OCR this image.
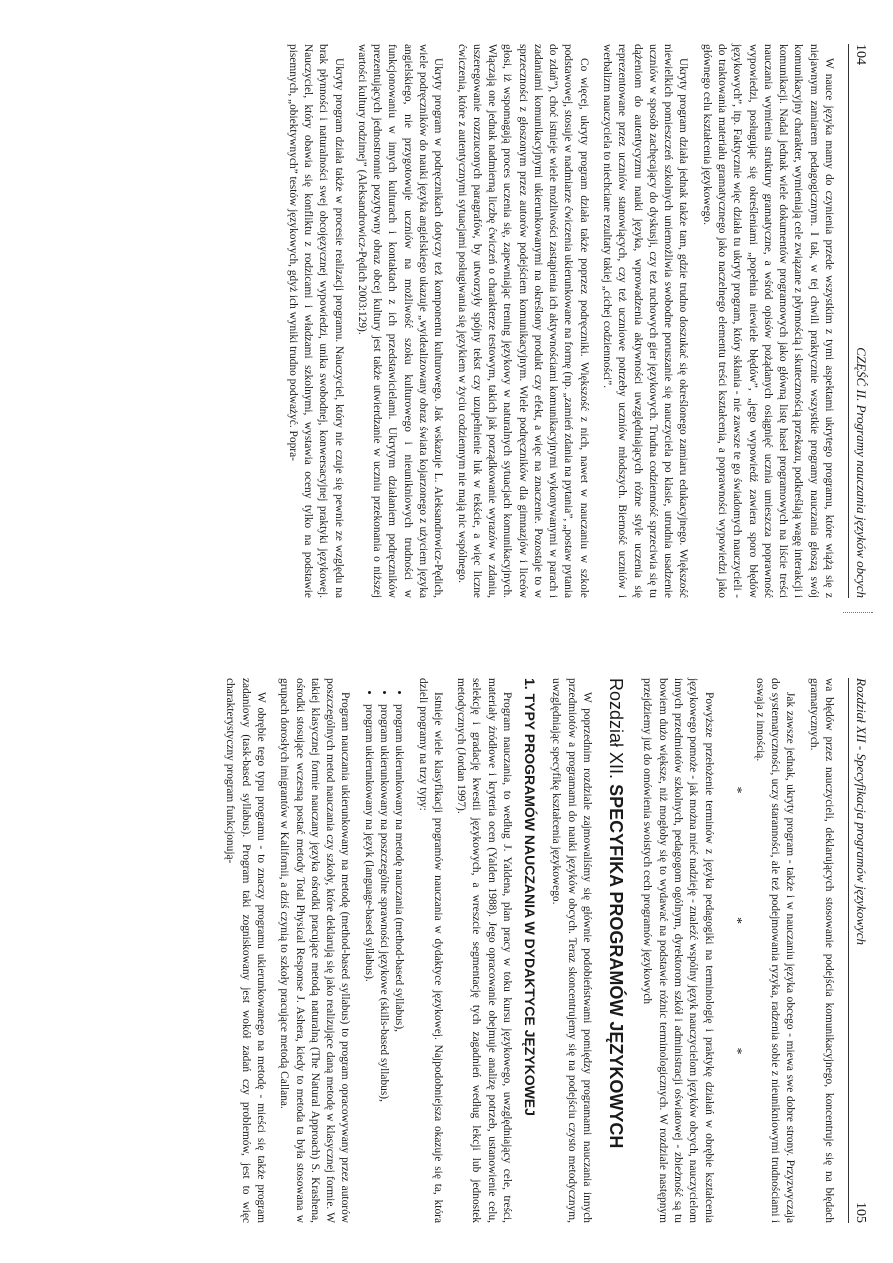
104
CZĘŚĆ II. Programy nauczania języków obcych

W nauce języka mamy do czynienia przede wszystkim z tymi aspektami ukrytego programu, które wiążą się z niejawnym zamiarem pedagogicznym. I tak, w tej chwili praktycznie wszystkie programy nauczania głoszą swój komunikacyjny charakter, wymieniają cele związane z płynnością i skutecznością przekazu, podkreślają wagę interakcji i komunikacji. Nadal jednak wiele dokumentów programowych jako główną listę haseł programowych na liście treści nauczania wymienia struktury gramatyczne, a wśród opisów pożądanych osiągnięć ucznia umieszcza poprawność wypowiedzi, posługując się określeniami „popełnia niewiele błędów”, „jego wypowiedź zawiera sporo błędów językowych”, itp. Faktycznie więc działa tu ukryty program, który skłania - nie zawsze te go świadomych nauczycieli - do traktowania materiału gramatycznego jako naczelnego elementu treści kształcenia, a poprawności wypowiedzi jako głównego celu kształcenia językowego.

Ukryty program działa jednak także tam, gdzie trudno doszukać się określonego zamiaru edukacyjnego. Większość niewielkich pomieszczeń szkolnych uniemożliwia swobodne poruszanie się nauczyciela po klasie, utrudnia usadzenie uczniów w sposób zachęcający do dyskusji, czy też ruchowych gier językowych. Trudna codzienność sprzeciwia się tu dążeniom do autentycyzmu nauki języka, wprowadzenia aktywności uwzględniających różne style uczenia się reprezentowane przez uczniów stanowiących, czy też uczniowe potrzeby uczniów młodszych. Bierność uczniów i werbalizm nauczyciela to niechciane rezultaty takiej „cichej codzienności”.

Co więcej, ukryty program działa także poprzez podręczniki. Większość z nich, nawet w nauczaniu w szkole podstawowej, stosuje w nadmiarze ćwiczenia ukierunkowane na formę (np. „zamień zdania na pytania”, „postaw pytania do zdań”), choć istnieje wiele możliwości zastąpienia ich aktywnościami komunikacyjnymi wykonywanymi w parach i zadaniami komunikacyjnymi ukierunkowanymi na określony produkt czy efekt, a więc na znaczenie. Pozostaje to w sprzeczności z głoszonym przez autorów podejściem komunikacyjnym. Wiele podręczników dla gimnazjów i liceów głosi, iż wspomagają proces uczenia się, zapewniając trening językowy w naturalnych sytuacjach komunikacyjnych. Włączają one jednak nadmierną liczbę ćwiczeń o charakterze testowym, takich jak porządkowanie wyrazów w zdaniu, uszeregowanie rozrzuconych paragrafów, by utworzyły spójny tekst czy uzupełnienie luk w tekście, a więc liczne ćwiczenia, które z autentycznymi sytuacjami posługiwania się językiem w życiu codziennym nie mają nic wspólnego.

Ukryty program w podręcznikach dotyczy też komponentu kulturowego. Jak wskazuje L. Aleksandrowicz-Pędich, wiele podręczników do nauki języka angielskiego ukazuje „wyidealizowany obraz świata kojarzonego z użyciem języka angielskiego, nie przygotowuje uczniów na możliwość szoku kulturowego i nieunikniowych trudności w funkcjonowaniu w innych kulturach i kontaktach z ich przedstawicielami. Ukrytym działaniem podręczników prezentujących jednostronnie pozytywny obraz obcej kultury jest także utwierdzanie w uczniu przekonania o niższej wartości kultury rodzimej” (Aleksandrowicz-Pędich 2003:129).

Ukryty program działa także w procesie realizacji programu. Nauczyciel, który nie czuje się pewnie ze względu na brak płynności i naturalności swej obcojęzycznej wypowiedzi, unika swobodnej, konwersacyjnej praktyki językowej. Nauczyciel, który obawia się konfliktu z rodzicami i władzami szkolnymi, wystawia oceny tylko na podstawie pisemnych, „obiektywnych” testów językowych, gdyż ich wyniki trudno podważyć. Popra-

Rozdział XII - Specyfikacja programów językowych
105

wa błędów przez nauczycieli, deklarujących stosowanie podejścia komunikacyjnego, koncentruje się na błędach gramatycznych.

Jak zawsze jednak, ukryty program - także i w nauczaniu języka obcego - miewa swe dobre strony. Przyzwyczaja do systematyczności, uczy staranności, ale też podejmowania ryzyka, radzenia sobie z nieunikniowymi trudnościami i oswaja z innością.

* * *

Powyższe przełożenie terminów z języka pedagogiki na terminologię i praktykę działań w obrębie kształcenia językowego pomoże - jak można mieć nadzieję - znaleźć wspólny język nauczycielom języków obcych, nauczycielom innych przedmiotów szkolnych, pedagogom ogólnym, dyrektorom szkół i administracji oświatowej - zbieżność są tu bowiem dużo większe, niż mogłoby się to wydawać na podstawie różnic terminologicznych. W rozdziale następnym przejdziemy już do omówienia swoistych cech programów językowych

Rozdział XII. SPECYFIKA PROGRAMÓW JĘZYKOWYCH

W poprzednim rozdziale zajmowaliśmy się głównie podobieństwami pomiędzy programami nauczania innych przedmiotów a programami do nauki języków obcych. Teraz skoncentrujemy się na podejściu czysto metodycznym, uwzględniając specyfikę kształcenia językowego.

1. TYPY PROGRAMÓW NAUCZANIA W DYDAKTYCE JĘZYKOWEJ

Program nauczania, to według J. Yaldena, plan pracy w toku kursu językowego, uwzględniający cele, treści, materiały źródłowe i kryteria ocen (Yalden 1988). Jego opracowanie obejmuje analizę potrzeb, ustanowienie celu, selekcję i gradację kwestii językowych, a wreszcie segmentację tych zagadnień według lekcji lub jednostek metodycznych (Jordan 1997).

Istnieje wiele klasyfikacji programów nauczania w dydaktyce językowej. Najpodobniejsza okazuje się ta, która dzieli programy na trzy typy:

• program ukierunkowany na metodę nauczania (method-based syllabus),
• program ukierunkowany na poszczególne sprawności językowe (skills-based syllabus),
• program ukierunkowany na język (language-based syllabus).

Program nauczania ukierunkowany na metodę (method-based syllabus) to program opracowywany przez autorów poszczególnych metod nauczania czy szkoły, które deklarują się jako realizujące daną metodę w klasycznej formie. W takiej klasycznej formie nauczany języka ośrodki pracujące metodą naturalną (The Natural Approach) S. Krashena, ośrodki stosujące wczesną postać metody Total Physical Response J. Ashera, kiedy to metoda ta była stosowana w grupach dorosłych imigrantów w Kalifornii, a dziś czynią to szkoły pracujące metodą Callana.

W obrębie tego typu programu - to znaczy programu ukierunkowanego na metodę - mieści się także program zadaniowy (task-based syllabus). Program taki zogniskowany jest wokół zadań czy problemów, jest to więc charakterystyczny program funkcjonują-
